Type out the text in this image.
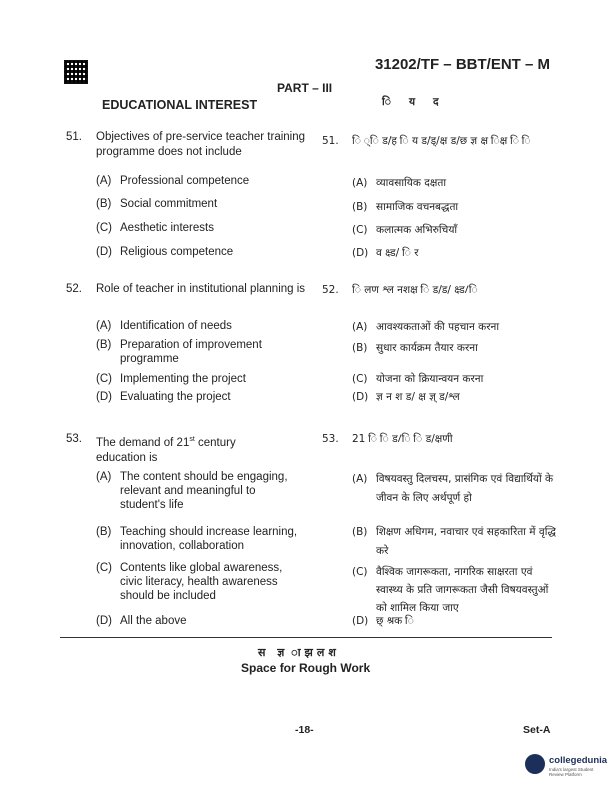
31202/TF – BBT/ENT – M
PART – III
EDUCATIONAL INTEREST	ियद
51. Objectives of pre-service teacher training programme does not include
(A) Professional competence
(B) Social commitment
(C) Aesthetic interests
(D) Religious competence
51. ि ्ि ड/ह ि य ड/ड्/क्ष ड/छ ज्ञ क्ष िक्ष ि ि
(A) व्यावसायिक दक्षता
(B) सामाजिक वचनबद्धता
(C) कलात्मक अभिरुचियाँ
(D) व क्ष्ड/ ि र
52. Role of teacher in institutional planning is
(A) Identification of needs
(B) Preparation of improvement programme
(C) Implementing the project
(D) Evaluating the project
52. ि लण श्ल नशक्ष ि ड/ड/ क्ष्ड/ि
(A) आवश्यकताओं की पहचान करना
(B) सुधार कार्यक्रम तैयार करना
(C) योजना को क्रियान्वयन करना
(D) ज्ञ न श ड/ क्ष ज्ञ् ड/श्ल
53. The demand of 21st century education is
(A) The content should be engaging, relevant and meaningful to student's life
(B) Teaching should increase learning, innovation, collaboration
(C) Contents like global awareness, civic literacy, health awareness should be included
(D) All the above
53. 21 ि ि ड/ि ि ड/क्षणी
(A) विषयवस्तु दिलचस्प, प्रासंगिक एवं विद्यार्थियों के जीवन के लिए अर्थपूर्ण हो
(B) शिक्षण अधिगम, नवाचार एवं सहकारिता में वृद्धि करे
(C) वैश्विक जागरूकता, नागरिक साक्षरता एवं स्वास्थ्य के प्रति जागरूकता जैसी विषयवस्तुओं को शामिल किया जाए
(D) छ् श्रक ि
स ज्ञ ाझलश
Space for Rough Work
-18-	Set-A
collegedunia
India's largest Student Review Platform
